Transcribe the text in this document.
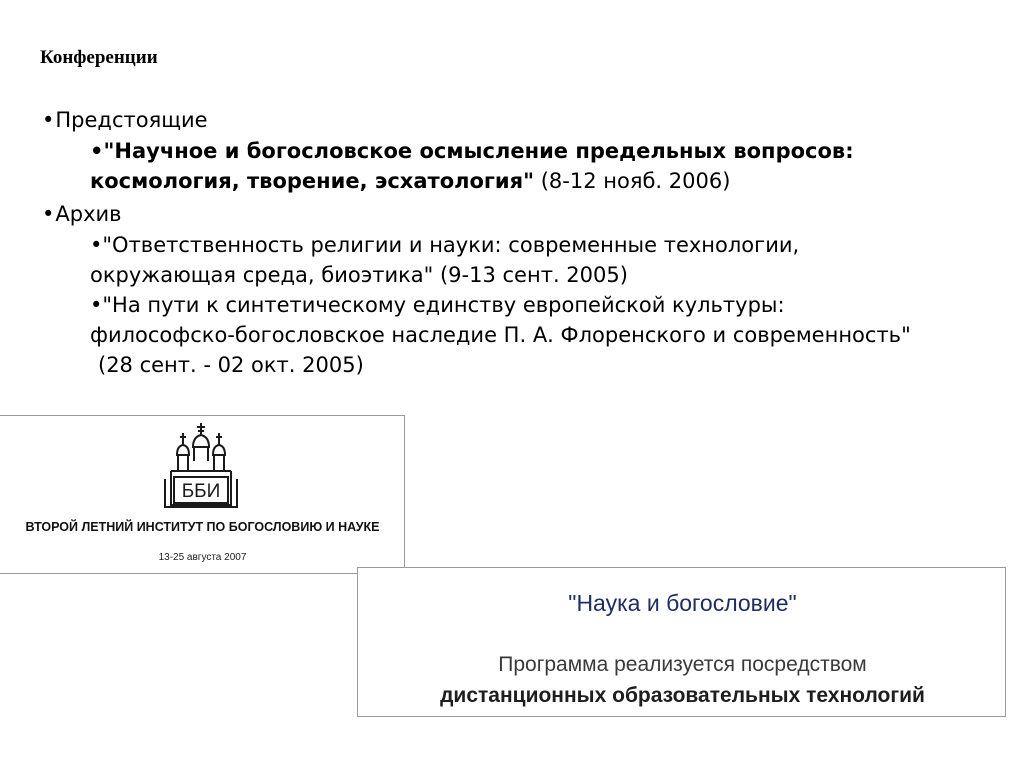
Конференции

•Предстоящие

•"Научное и богословское осмысление предельных вопросов:
космология, творение, эсхатология" (8-12 нояб. 2006)

•Архив

•"Ответственность религии и науки: современные технологии,
окружающая среда, биоэтика" (9-13 сент. 2005)
•"На пути к синтетическому единству европейской культуры:
философско-богословское наследие П. А. Флоренского и современность"
(28 сент. - 02 окт. 2005)
ББИ

ВТОРОЙ ЛЕТНИЙ ИНСТИТУТ ПО БОГОСЛОВИЮ И НАУКЕ

13-25 августа 2007

"Наука и богословие"

Программа реализуется посредством

дистанционных образовательных технологий
